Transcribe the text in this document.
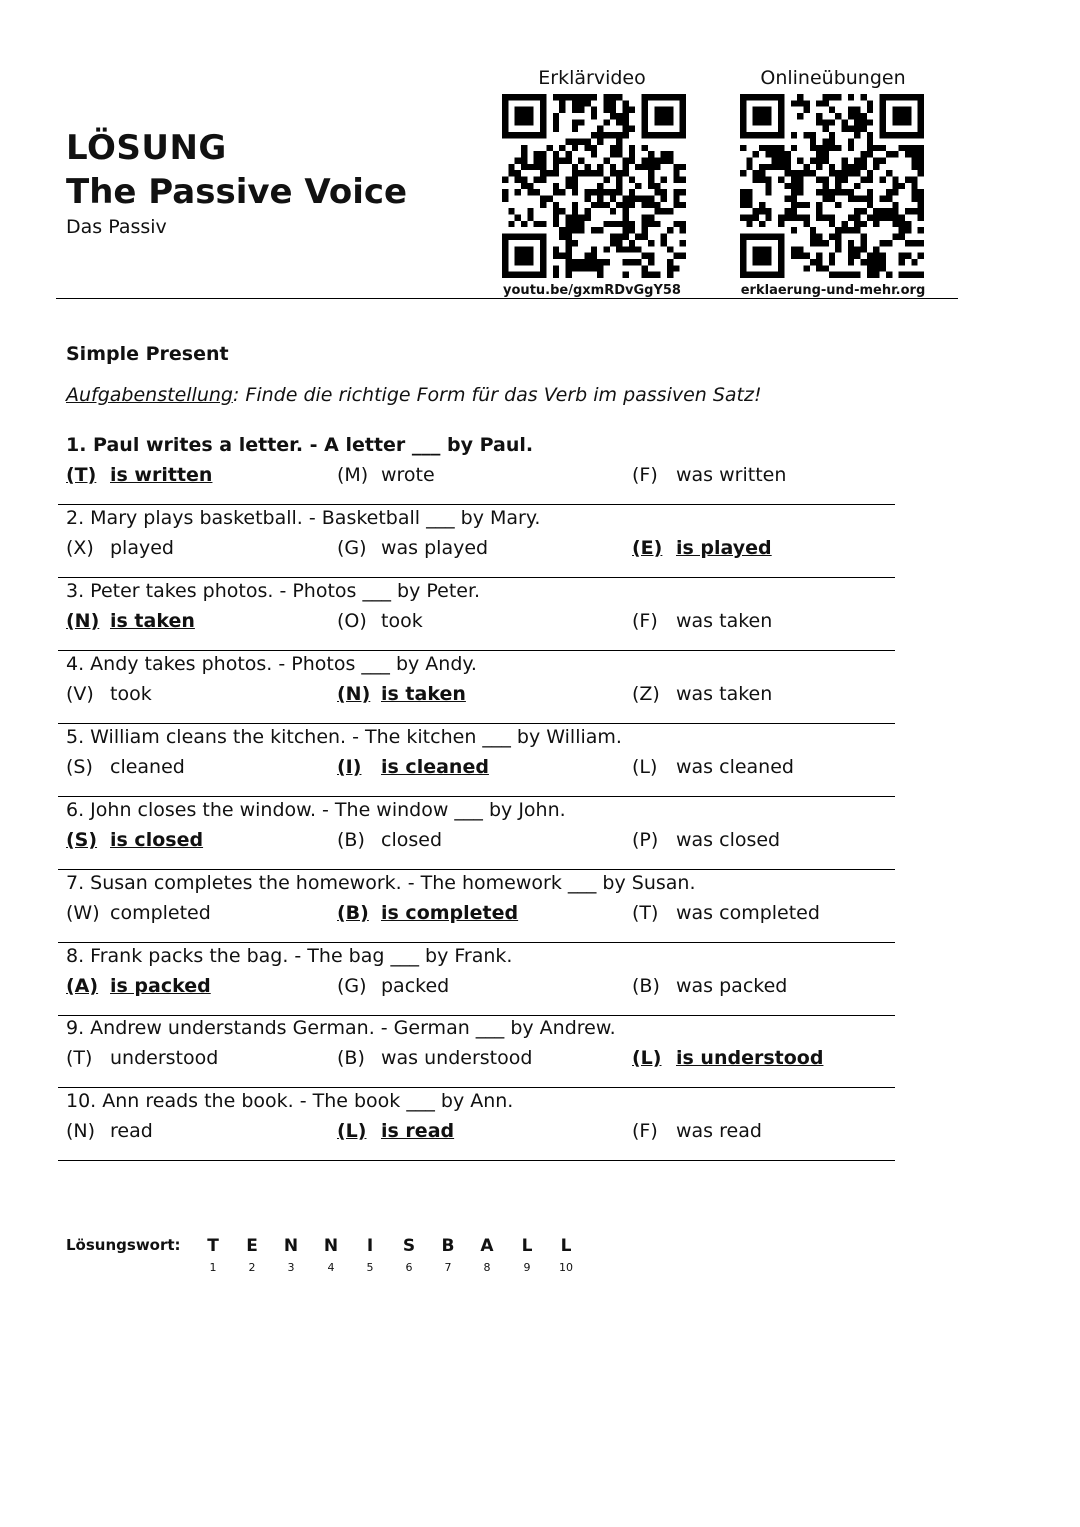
Erklärvideo
youtu.be/gxmRDvGgY58
Onlineübungen
erklaerung-und-mehr.org
LÖSUNG
The Passive Voice
Das Passiv
Simple Present
Aufgabenstellung: Finde die richtige Form für das Verb im passiven Satz!
1. Paul writes a letter. - A letter ___ by Paul.
(T) is written	(M) wrote	(F) was written
2. Mary plays basketball. - Basketball ___ by Mary.
(X) played	(G) was played	(E) is played
3. Peter takes photos. - Photos ___ by Peter.
(N) is taken	(O) took	(F) was taken
4. Andy takes photos. - Photos ___ by Andy.
(V) took	(N) is taken	(Z) was taken
5. William cleans the kitchen. - The kitchen ___ by William.
(S) cleaned	(I) is cleaned	(L) was cleaned
6. John closes the window. - The window ___ by John.
(S) is closed	(B) closed	(P) was closed
7. Susan completes the homework. - The homework ___ by Susan.
(W) completed	(B) is completed	(T) was completed
8. Frank packs the bag. - The bag ___ by Frank.
(A) is packed	(G) packed	(B) was packed
9. Andrew understands German. - German ___ by Andrew.
(T) understood	(B) was understood	(L) is understood
10. Ann reads the book. - The book ___ by Ann.
(N) read	(L) is read	(F) was read
Lösungswort:	T	E	N	N	I	S	B	A	L	L
1	2	3	4	5	6	7	8	9	10
